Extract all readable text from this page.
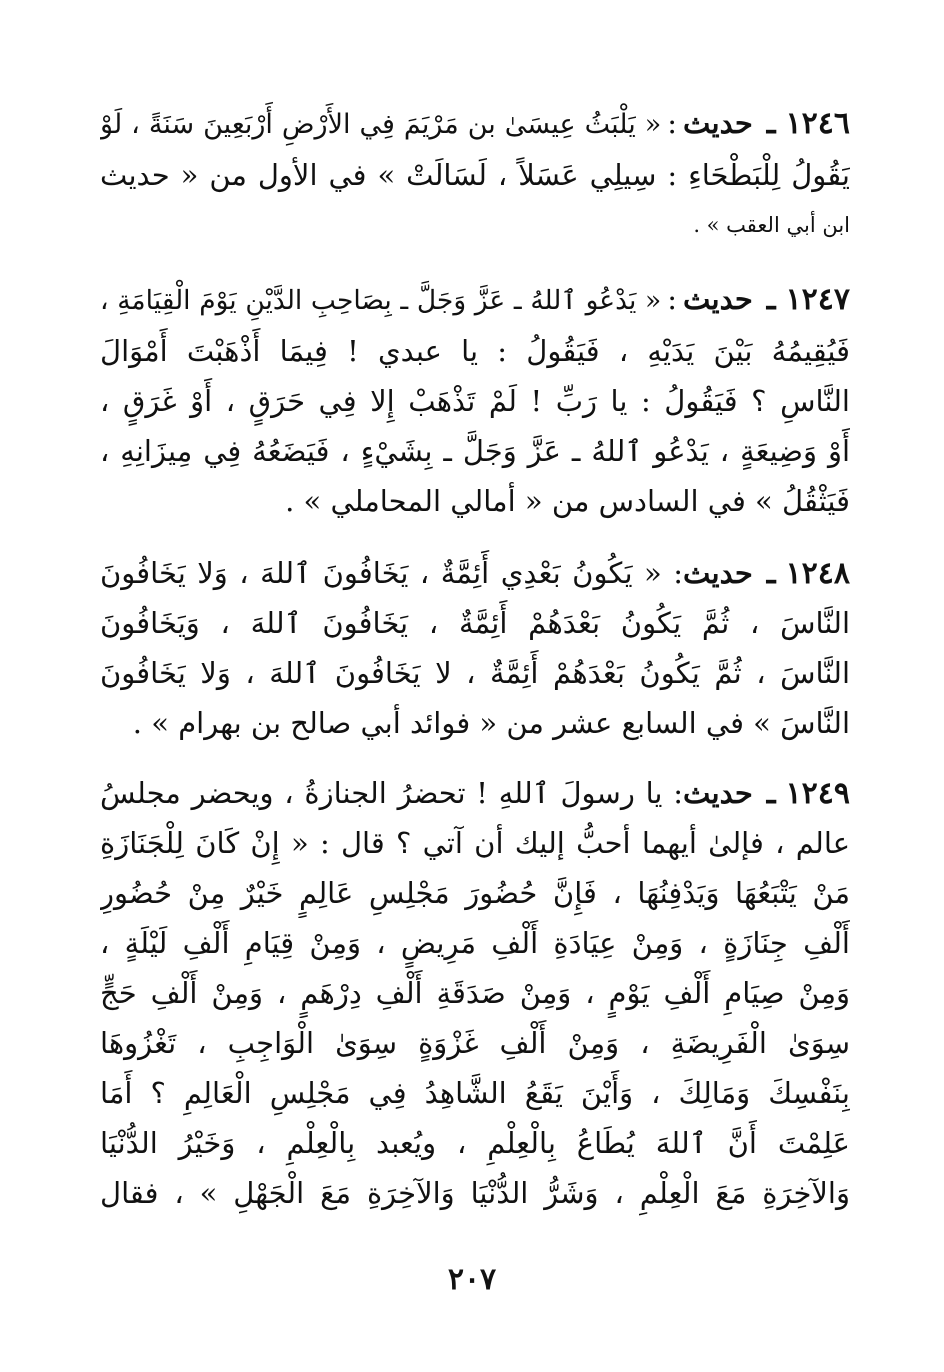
١٢٤٦
ـ
حديث
:
« يَلْبَثُ عِيسَىٰ بن مَرْيَمَ فِي الأَرْضِ أَرْبَعِينَ سَنَةً ، لَوْ
يَقُولُ لِلْبَطْحَاءِ : سِيلِي عَسَلاً ، لَسَالَتْ » في الأول من « حديث
ابن أبي العقب » .
١٢٤٧
ـ
حديث
:
« يَدْعُو ٱللهُ ـ عَزَّ وَجَلَّ ـ بِصَاحِبِ الدَّيْنِ يَوْمَ الْقِيَامَةِ ،
فَيُقِيمُهُ بَيْنَ يَدَيْهِ ، فَيَقُولُ : يا عبدي ! فِيمَا أَذْهَبْتَ أَمْوَالَ
النَّاسِ ؟ فَيَقُولُ : يا رَبِّ ! لَمْ تَذْهَبْ إِلا فِي حَرَقٍ ، أَوْ غَرَقٍ ،
أَوْ وَضِيعَةٍ ، يَدْعُو ٱللهُ ـ عَزَّ وَجَلَّ ـ بِشَيْءٍ ، فَيَضَعُهُ فِي مِيزَانِهِ ،
فَيَثْقُلُ » في السادس من « أمالي المحاملي » .
١٢٤٨
ـ
حديث
: « يَكُونُ بَعْدِي أَئِمَّةٌ ، يَخَافُونَ ٱللهَ ، وَلا يَخَافُونَ
النَّاسَ ، ثُمَّ يَكُونُ بَعْدَهُمْ أَئِمَّةٌ ، يَخَافُونَ ٱللهَ ، وَيَخَافُونَ
النَّاسَ ، ثُمَّ يَكُونُ بَعْدَهُمْ أَئِمَّةٌ ، لا يَخَافُونَ ٱللهَ ، وَلا يَخَافُونَ
النَّاسَ » في السابع عشر من « فوائد أبي صالح بن بهرام » .
١٢٤٩
ـ
حديث
: يا رسولَ ٱللهِ ! تحضرُ الجنازةُ ، ويحضر مجلسُ
عالم ، فإلىٰ أيهما أحبُّ إليك أن آتي ؟ قال : « إِنْ كَانَ لِلْجَنَازَةِ
مَنْ يَتْبَعُهَا وَيَدْفِنُهَا ، فَإِنَّ حُضُورَ مَجْلِسِ عَالِمٍ خَيْرٌ مِنْ حُضُورِ
أَلْفِ جِنَازَةٍ ، وَمِنْ عِيَادَةِ أَلْفِ مَرِيضٍ ، وَمِنْ قِيَامِ أَلْفِ لَيْلَةٍ ،
وَمِنْ صِيَامِ أَلْفِ يَوْمٍ ، وَمِنْ صَدَقَةِ أَلْفِ دِرْهَمٍ ، وَمِنْ أَلْفِ حَجٍّ
سِوَىٰ الْفَرِيضَةِ ، وَمِنْ أَلْفِ غَزْوَةٍ سِوَىٰ الْوَاجِبِ ، تَغْزُوهَا
بِنَفْسِكَ وَمَالِكَ ، وَأَيْنَ يَقَعُ الشَّاهِدُ فِي مَجْلِسِ الْعَالِمِ ؟ أَمَا
عَلِمْتَ أَنَّ ٱللهَ يُطَاعُ بِالْعِلْمِ ، ويُعبد بِالْعِلْمِ ، وَخَيْرُ الدُّنْيَا
وَالآخِرَةِ مَعَ الْعِلْمِ ، وَشَرُّ الدُّنْيَا وَالآخِرَةِ مَعَ الْجَهْلِ » ، فقال
٢٠٧
